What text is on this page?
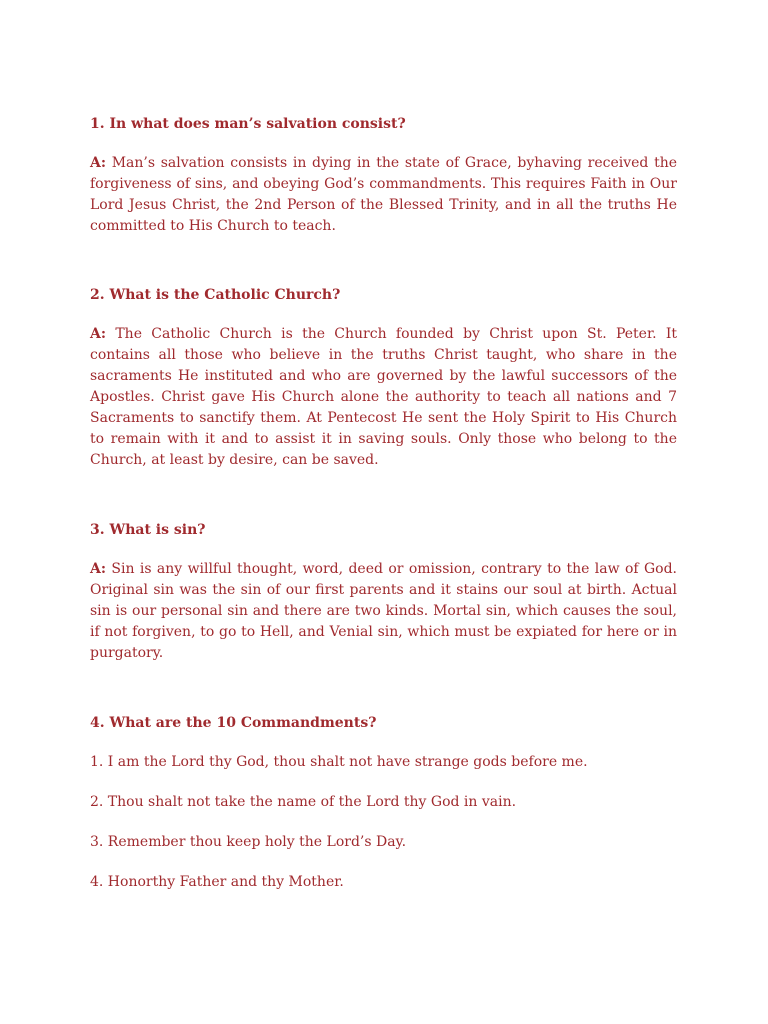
1. In what does man’s salvation consist?

A: Man’s salvation consists in dying in the state of Grace, byhaving received the forgiveness of sins, and obeying God’s commandments. This requires Faith in Our Lord Jesus Christ, the 2nd Person of the Blessed Trinity, and in all the truths He committed to His Church to teach.

2. What is the Catholic Church?

A: The Catholic Church is the Church founded by Christ upon St. Peter. It contains all those who believe in the truths Christ taught, who share in the sacraments He instituted and who are governed by the lawful successors of the Apostles. Christ gave His Church alone the authority to teach all nations and 7 Sacraments to sanctify them. At Pentecost He sent the Holy Spirit to His Church to remain with it and to assist it in saving souls. Only those who belong to the Church, at least by desire, can be saved.

3. What is sin?

A: Sin is any willful thought, word, deed or omission, contrary to the law of God. Original sin was the sin of our first parents and it stains our soul at birth. Actual sin is our personal sin and there are two kinds. Mortal sin, which causes the soul, if not forgiven, to go to Hell, and Venial sin, which must be expiated for here or in purgatory.

4. What are the 10 Commandments?

1. I am the Lord thy God, thou shalt not have strange gods before me.

2. Thou shalt not take the name of the Lord thy God in vain.

3. Remember thou keep holy the Lord’s Day.

4. Honorthy Father and thy Mother.
